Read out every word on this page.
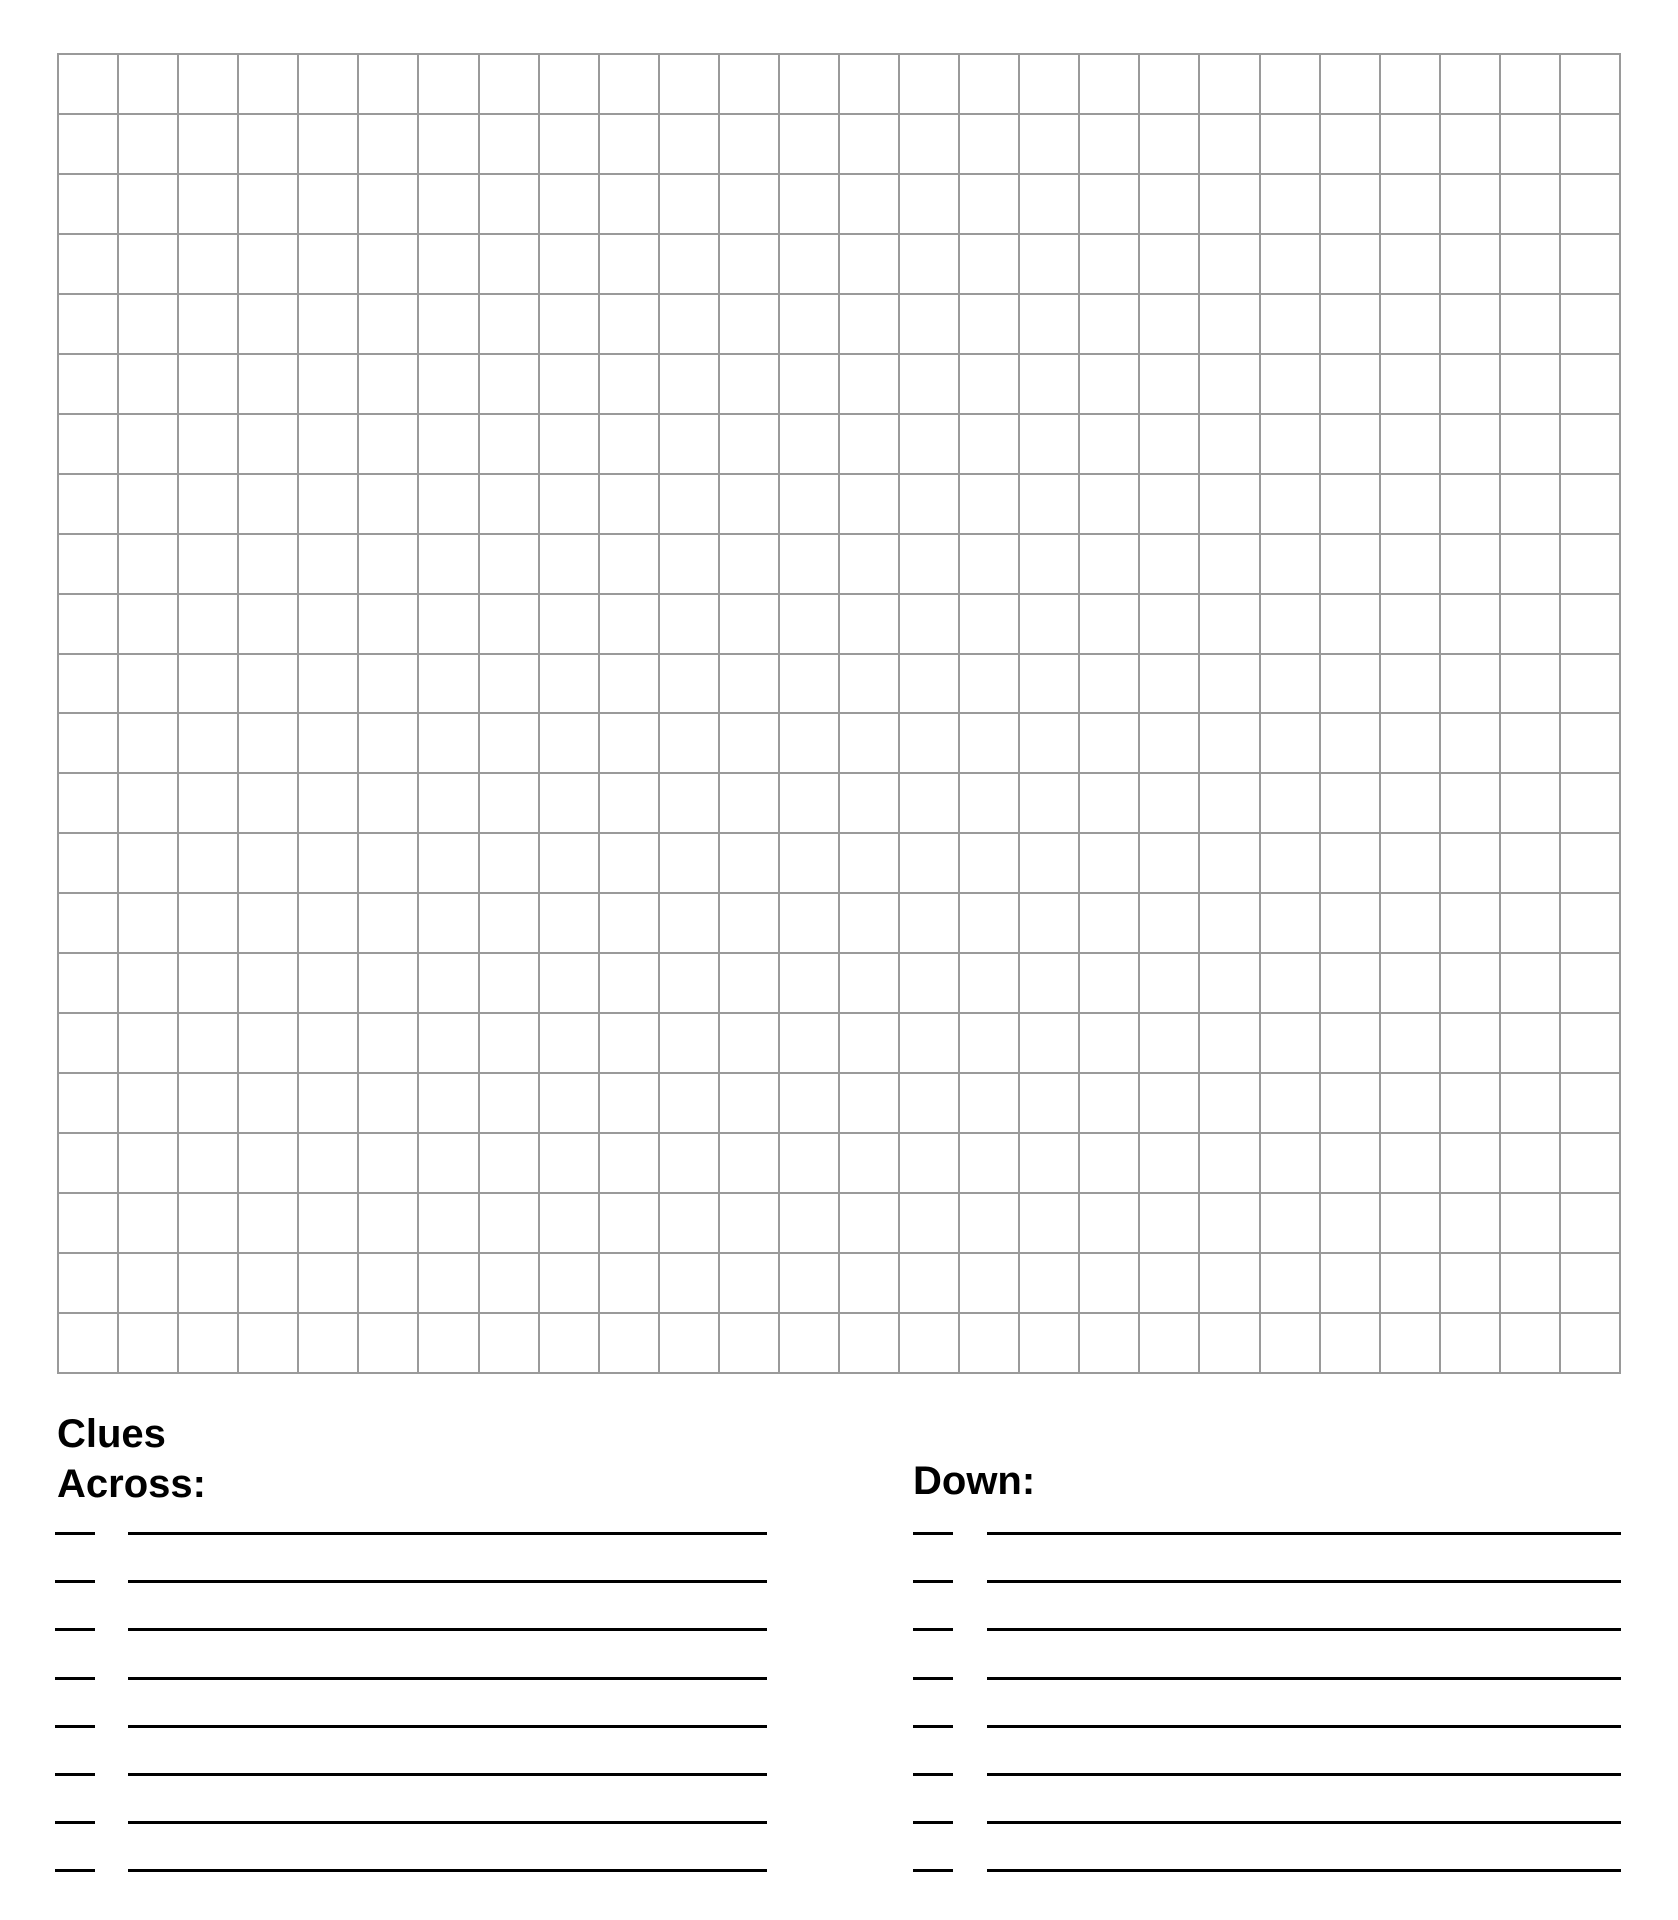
Clues
Across:	Down:
